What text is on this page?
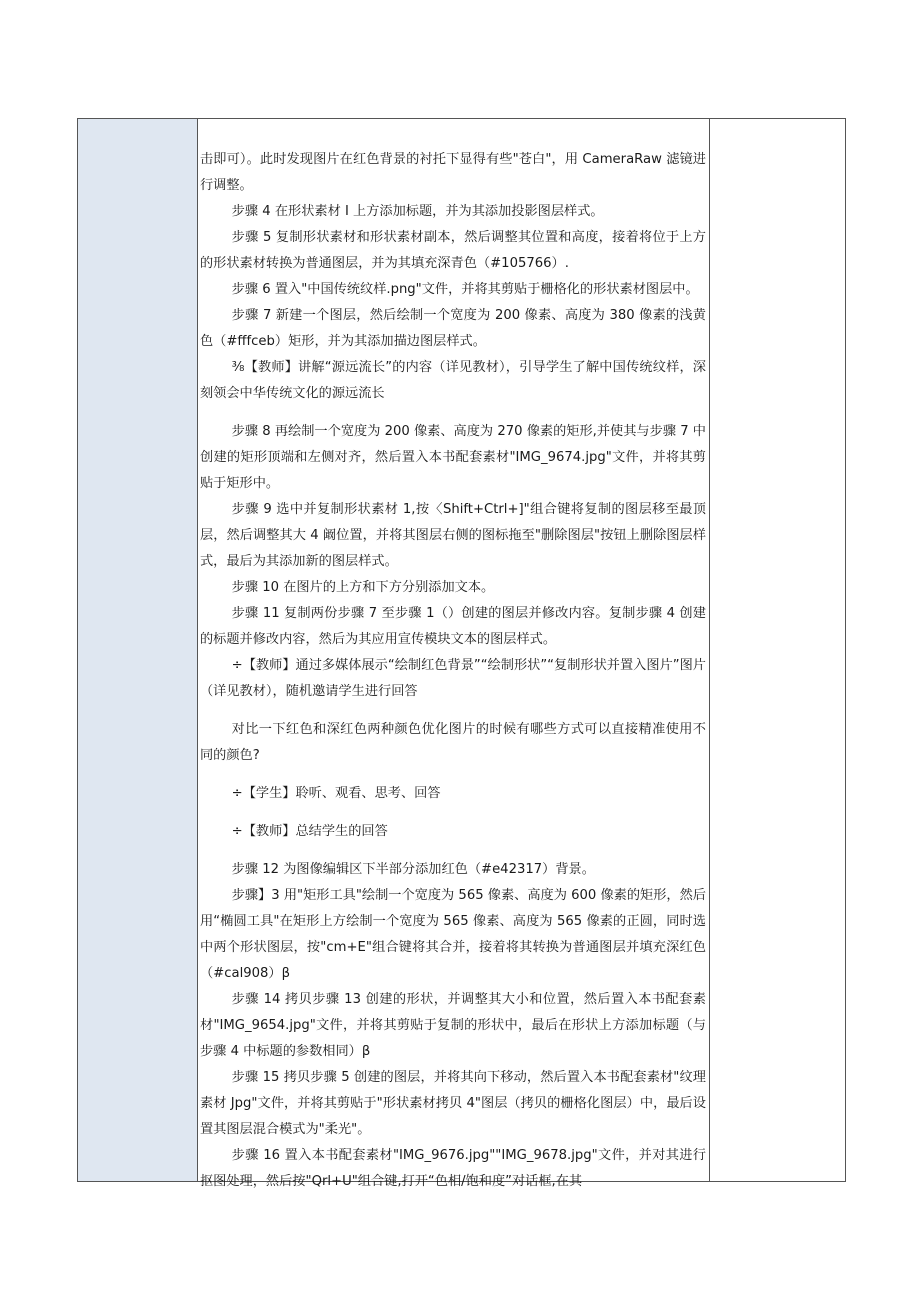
击即可）。此时发现图片在红色背景的衬托下显得有些"苍白"，用 CameraRaw 滤镜进行调整。

步骤 4 在形状素材 I 上方添加标题，并为其添加投影图层样式。

步骤 5 复制形状素材和形状素材副本，然后调整其位置和高度，接着将位于上方的形状素材转换为普通图层，并为其填充深青色（#105766）.

步骤 6 置入"中国传统纹样.png"文件，并将其剪贴于栅格化的形状素材图层中。

步骤 7 新建一个图层，然后绘制一个宽度为 200 像素、高度为 380 像素的浅黄色（#fffceb）矩形，并为其添加描边图层样式。

⅜【教师】讲解“源远流长”的内容（详见教材），引导学生了解中国传统纹样，深刻领会中华传统文化的源远流长

步骤 8 再绘制一个宽度为 200 像素、高度为 270 像素的矩形,并使其与步骤 7 中创建的矩形顶端和左侧对齐，然后置入本书配套素材"IMG_9674.jpg"文件，并将其剪贴于矩形中。

步骤 9 选中并复制形状素材 1,按〈Shift+Ctrl+]"组合键将复制的图层移至最顶层，然后调整其大 4 阚位置，并将其图层右侧的图标拖至"删除图层"按钮上删除图层样式，最后为其添加新的图层样式。

步骤 10 在图片的上方和下方分别添加文本。

步骤 11 复制两份步骤 7 至步骤 1（）创建的图层并修改内容。复制步骤 4 创建的标题并修改内容，然后为其应用宣传模块文本的图层样式。

÷【教师】通过多媒体展示“绘制红色背景”“绘制形状”“复制形状并置入图片”图片（详见教材），随机邀请学生进行回答

对比一下红色和深红色两种颜色优化图片的时候有哪些方式可以直接精准使用不同的颜色?

÷【学生】聆听、观看、思考、回答

÷【教师】总结学生的回答

步骤 12 为图像编辑区下半部分添加红色（#e42317）背景。

步骤】3 用"矩形工具"绘制一个宽度为 565 像素、高度为 600 像素的矩形，然后用“椭圆工具"在矩形上方绘制一个宽度为 565 像素、高度为 565 像素的正圆，同时选中两个形状图层，按"cm+E"组合键将其合并，接着将其转换为普通图层并填充深红色（#cal908）β

步骤 14 拷贝步骤 13 创建的形状，并调整其大小和位置，然后置入本书配套素材"IMG_9654.jpg"文件，并将其剪贴于复制的形状中，最后在形状上方添加标题（与步骤 4 中标题的参数相同）β

步骤 15 拷贝步骤 5 创建的图层，并将其向下移动，然后置入本书配套素材"纹理素材 Jpg"文件，并将其剪贴于"形状素材拷贝 4"图层（拷贝的栅格化图层）中，最后设置其图层混合模式为"柔光"。

步骤 16 置入本书配套素材"IMG_9676.jpg""IMG_9678.jpg"文件，并对其进行抠图处理，然后按"Qrl+U"组合键,打开“色相/饱和度”对话框,在其
